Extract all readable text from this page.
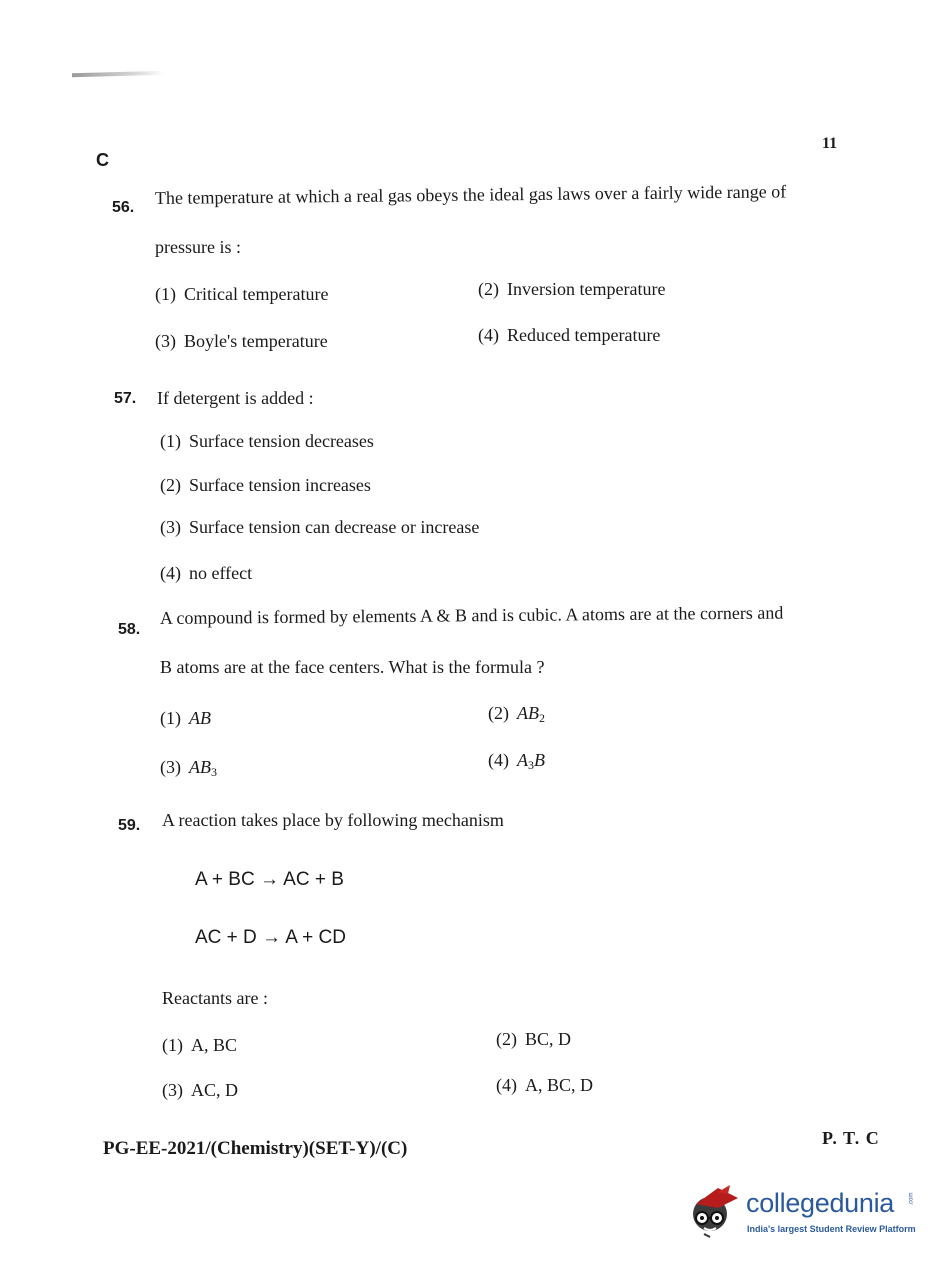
C
11
56. The temperature at which a real gas obeys the ideal gas laws over a fairly wide range of
pressure is :
(1) Critical temperature	(2) Inversion temperature
(3) Boyle's temperature	(4) Reduced temperature
57. If detergent is added :
(1) Surface tension decreases
(2) Surface tension increases
(3) Surface tension can decrease or increase
(4) no effect
58.
A compound is formed by elements A & B and is cubic. A atoms are at the corners and
B atoms are at the face centers. What is the formula ?
(1) AB	(2) $AB_2$
(3) $AB_3$
(4) $A_3B$
59. A reaction takes place by following mechanism
A + BC → AC + B
AC + D → A + CD
Reactants are :
(1) A, BC	(2) BC, D
(3) AC, D	(4) A, BC, D
PG-EE-2021/(Chemistry)(SET-Y)/(C)	P. T. C
collegedunia .com
India's largest Student Review Platform
